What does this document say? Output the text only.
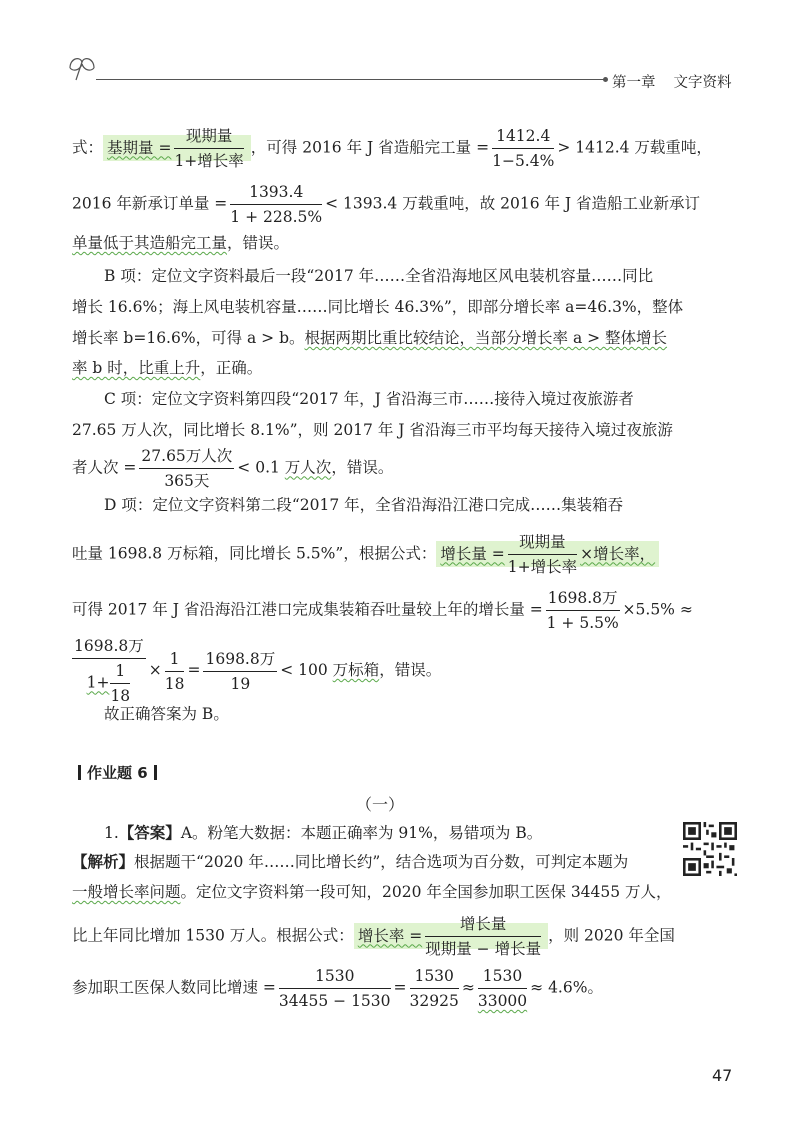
第一章 文字资料
式： 基期量 =
现期量
1+增长率
，可得 2016 年 J 省造船完工量 = $\frac{1412.4}{1-5.4\%} > 1412.4$ 万载重吨，
2016 年新承订单量 = $\frac{1393.4}{1 + 228.5\%} < 1393.4$ 万载重吨，故 2016 年 J 省造船工业新承订
单量低于其造船完工量，错误。
B 项：定位文字资料最后一段“2017 年……全省沿海地区风电装机容量……同比
增长 16.6%；海上风电装机容量……同比增长 46.3%”，即部分增长率 a=46.3%，整体
增长率 b=16.6%，可得 a > b。根据两期比重比较结论，当部分增长率 a > 整体增长
率 b 时，比重上升，正确。
C 项：定位文字资料第四段“2017 年，J 省沿海三市……接待入境过夜旅游者
27.65 万人次，同比增长 8.1%”，则 2017 年 J 省沿海三市平均每天接待入境过夜旅游
者人次 =
27.65万人次
365天
< 0.1 万人次，错误。
D 项：定位文字资料第二段“2017 年，全省沿海沿江港口完成……集装箱吞
吐量 1698.8 万标箱，同比增长 5.5%”，根据公式： 增长量 =
现期量
1+增长率
×增长率，
可得 2017 年 J 省沿海沿江港口完成集装箱吞吐量较上年的增长量 =
1698.8万
1 + 5.5%
×5.5% ≈
1698.8万
$1+ \frac{1}{18} \times \frac{1}{18}$ =
1698.8万
19
< 100 万标箱，错误。
故正确答案为 B。
作业题 6
（一）
1.【答案】A。粉笔大数据：本题正确率为 91%，易错项为 B。
【解析】根据题干“2020 年……同比增长约”，结合选项为百分数，可判定本题为
一般增长率问题。定位文字资料第一段可知，2020 年全国参加职工医保 34455 万人，
比上年同比增加 1530 万人。根据公式： 增长率 =
增长量
现期量 − 增长量
，则 2020 年全国
参加职工医保人数同比增速 = $\frac{1530}{34455 - 1530} = \frac{1530}{32925} \approx \frac{1530}{33000} \approx 4.6\%$。
47
